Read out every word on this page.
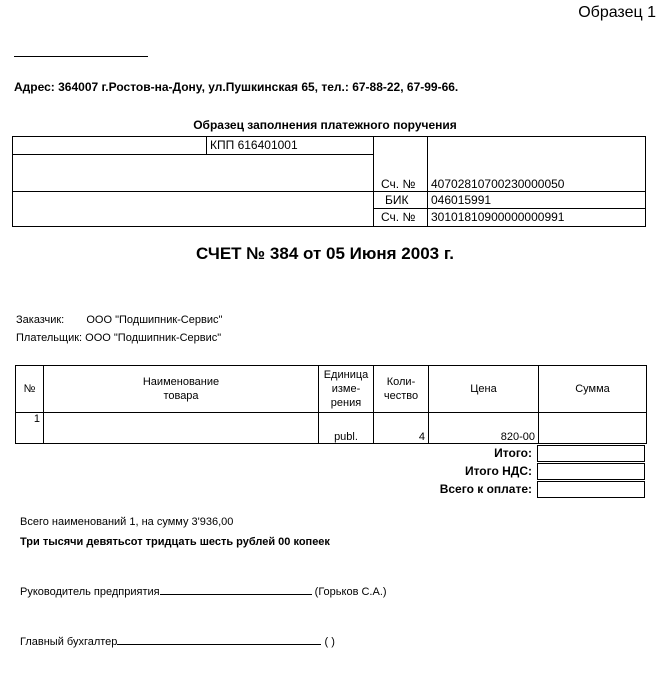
Образец 1
Адрес: 364007 г.Ростов-на-Дону, ул.Пушкинская 65, тел.: 67-88-22, 67-99-66.
Образец заполнения платежного поручения
КПП 616401001
Сч. № 40702810700230000050
БИК 046015991
Сч. № 30101810900000000991
СЧЕТ № 384 от 05 Июня 2003 г.
Заказчик: ООО "Подшипник-Сервис"
Плательщик: ООО "Подшипник-Сервис"
№	Наименование товара	Единица изме-рения	Коли-чество	Цена	Сумма
1		publ.	4	820-00	
Итого:
Итого НДС:
Всего к оплате:
Всего наименований 1, на сумму 3'936,00
Три тысячи девятьсот тридцать шесть рублей 00 копеек
Руководитель предприятия	(Горьков С.А.)
Главный бухгалтер	( )
